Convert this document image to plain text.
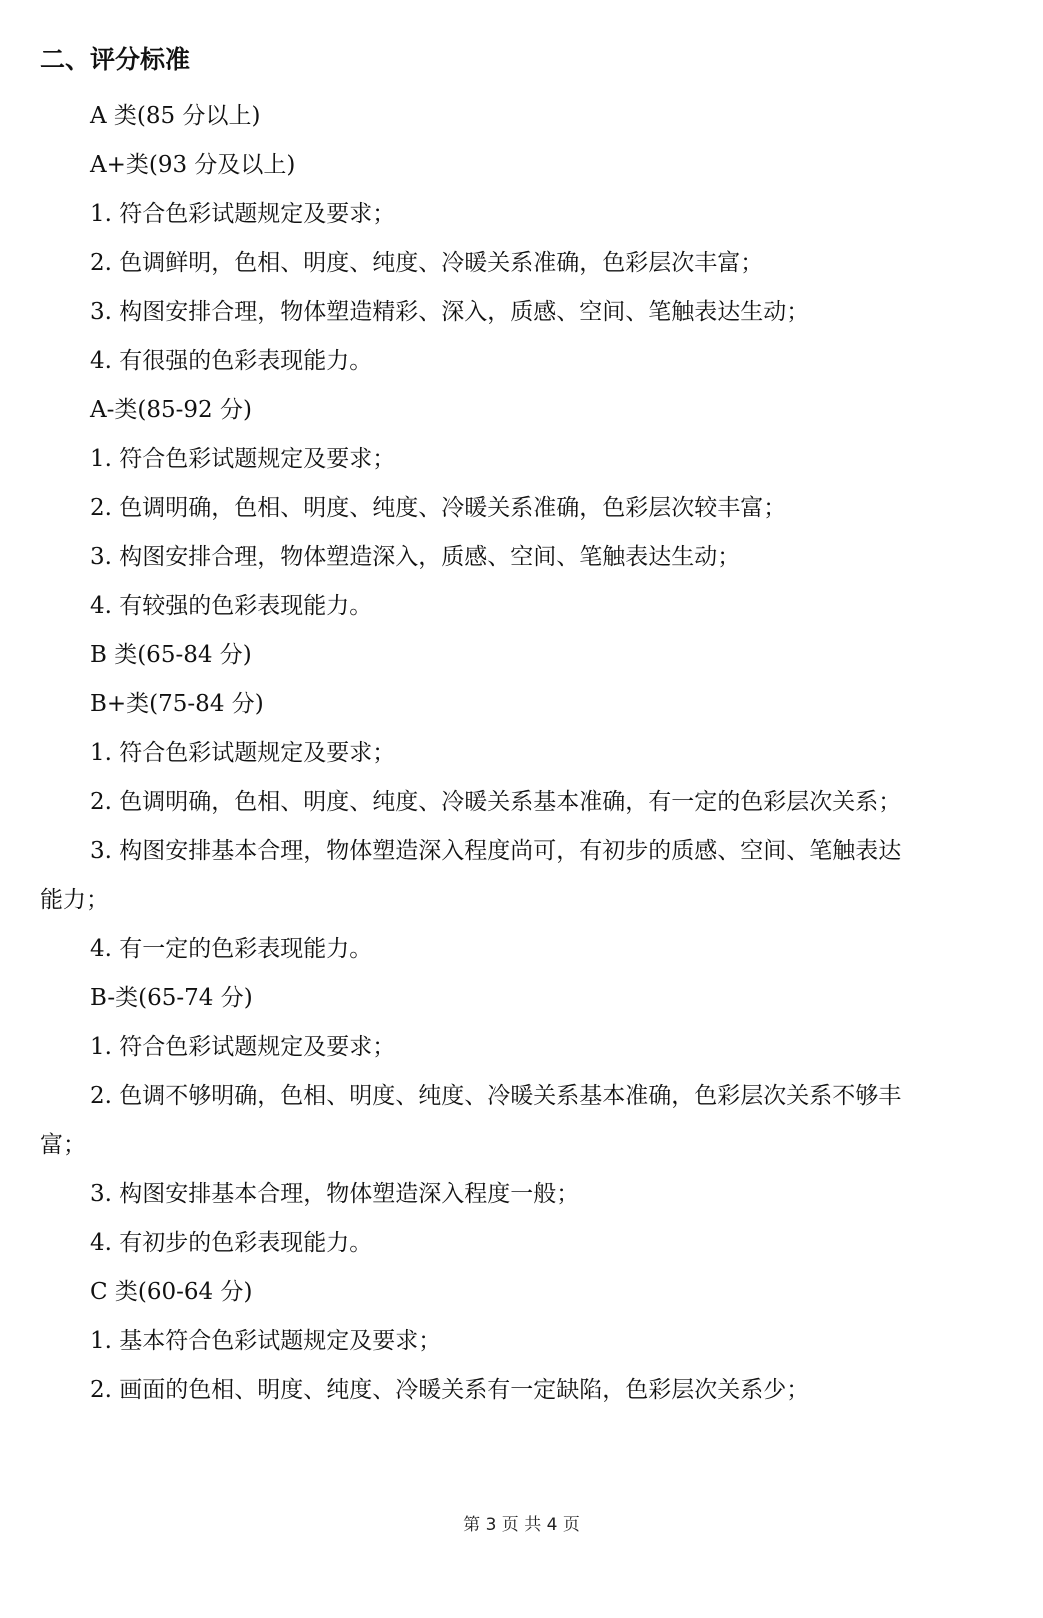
二、评分标准

A 类(85 分以上)

A+类(93 分及以上)

1. 符合色彩试题规定及要求；

2. 色调鲜明，色相、明度、纯度、冷暖关系准确，色彩层次丰富；

3. 构图安排合理，物体塑造精彩、深入，质感、空间、笔触表达生动；

4. 有很强的色彩表现能力。

A-类(85-92 分)

1. 符合色彩试题规定及要求；

2. 色调明确，色相、明度、纯度、冷暖关系准确，色彩层次较丰富；

3. 构图安排合理，物体塑造深入，质感、空间、笔触表达生动；

4. 有较强的色彩表现能力。

B 类(65-84 分)

B+类(75-84 分)

1. 符合色彩试题规定及要求；

2. 色调明确，色相、明度、纯度、冷暖关系基本准确，有一定的色彩层次关系；

3. 构图安排基本合理，物体塑造深入程度尚可，有初步的质感、空间、笔触表达能力；

4. 有一定的色彩表现能力。

B-类(65-74 分)

1. 符合色彩试题规定及要求；

2. 色调不够明确，色相、明度、纯度、冷暖关系基本准确，色彩层次关系不够丰富；

3. 构图安排基本合理，物体塑造深入程度一般；

4. 有初步的色彩表现能力。

C 类(60-64 分)

1. 基本符合色彩试题规定及要求；

2. 画面的色相、明度、纯度、冷暖关系有一定缺陷，色彩层次关系少；

第 3 页 共 4 页
